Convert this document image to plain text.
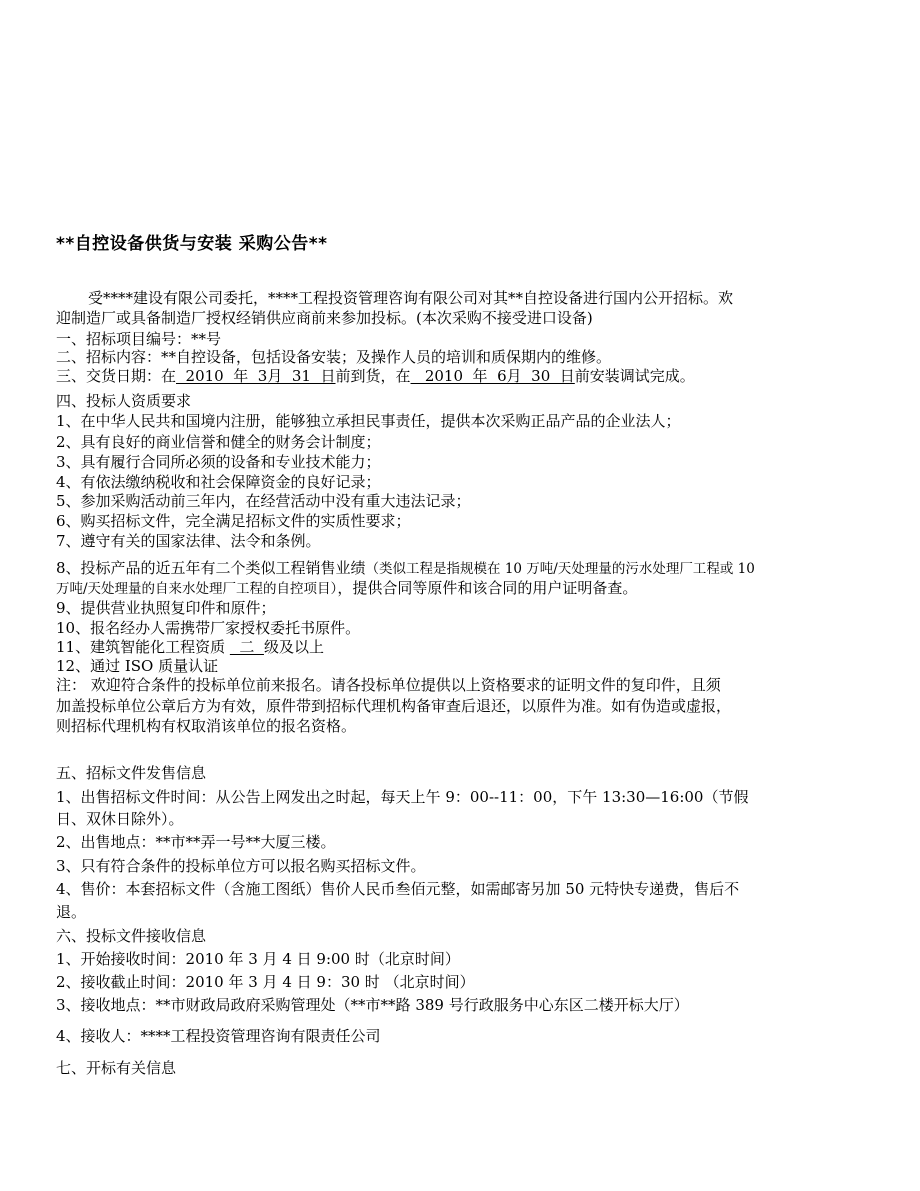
**自控设备供货与安装 采购公告**
受****建设有限公司委托，****工程投资管理咨询有限公司对其**自控设备进行国内公开招标。欢
迎制造厂或具备制造厂授权经销供应商前来参加投标。(本次采购不接受进口设备)
一、招标项目编号：**号
二、招标内容：**自控设备，包括设备安装；及操作人员的培训和质保期内的维修。
三、交货日期：在  2010  年  3月  31  日前到货，在   2010  年  6月  30  日前安装调试完成。
四、投标人资质要求
1、在中华人民共和国境内注册，能够独立承担民事责任，提供本次采购正品产品的企业法人；
2、具有良好的商业信誉和健全的财务会计制度；
3、具有履行合同所必须的设备和专业技术能力；
4、有依法缴纳税收和社会保障资金的良好记录；
5、参加采购活动前三年内，在经营活动中没有重大违法记录；
6、购买招标文件，完全满足招标文件的实质性要求；
7、遵守有关的国家法律、法令和条例。
8、投标产品的近五年有二个类似工程销售业绩（类似工程是指规模在 10 万吨/天处理量的污水处理厂工程或 10
万吨/天处理量的自来水处理厂工程的自控项目），提供合同等原件和该合同的用户证明备查。
9、提供营业执照复印件和原件；
10、报名经办人需携带厂家授权委托书原件。
11、建筑智能化工程资质   二  级及以上
12、通过 ISO 质量认证
注： 欢迎符合条件的投标单位前来报名。请各投标单位提供以上资格要求的证明文件的复印件，且须
加盖投标单位公章后方为有效，原件带到招标代理机构备审查后退还，以原件为准。如有伪造或虚报，
则招标代理机构有权取消该单位的报名资格。
五、招标文件发售信息
1、出售招标文件时间：从公告上网发出之时起，每天上午 9：00--11：00，下午 13:30—16:00（节假
日、双休日除外）。
2、出售地点：**市**弄一号**大厦三楼。
3、只有符合条件的投标单位方可以报名购买招标文件。
4、售价：本套招标文件（含施工图纸）售价人民币叁佰元整，如需邮寄另加 50 元特快专递费，售后不
退。
六、投标文件接收信息
1、开始接收时间：2010 年 3 月 4 日 9:00 时（北京时间）
2、接收截止时间：2010 年 3 月 4 日 9：30 时 （北京时间）
3、接收地点：**市财政局政府采购管理处（**市**路 389 号行政服务中心东区二楼开标大厅）
4、接收人：****工程投资管理咨询有限责任公司
七、开标有关信息
